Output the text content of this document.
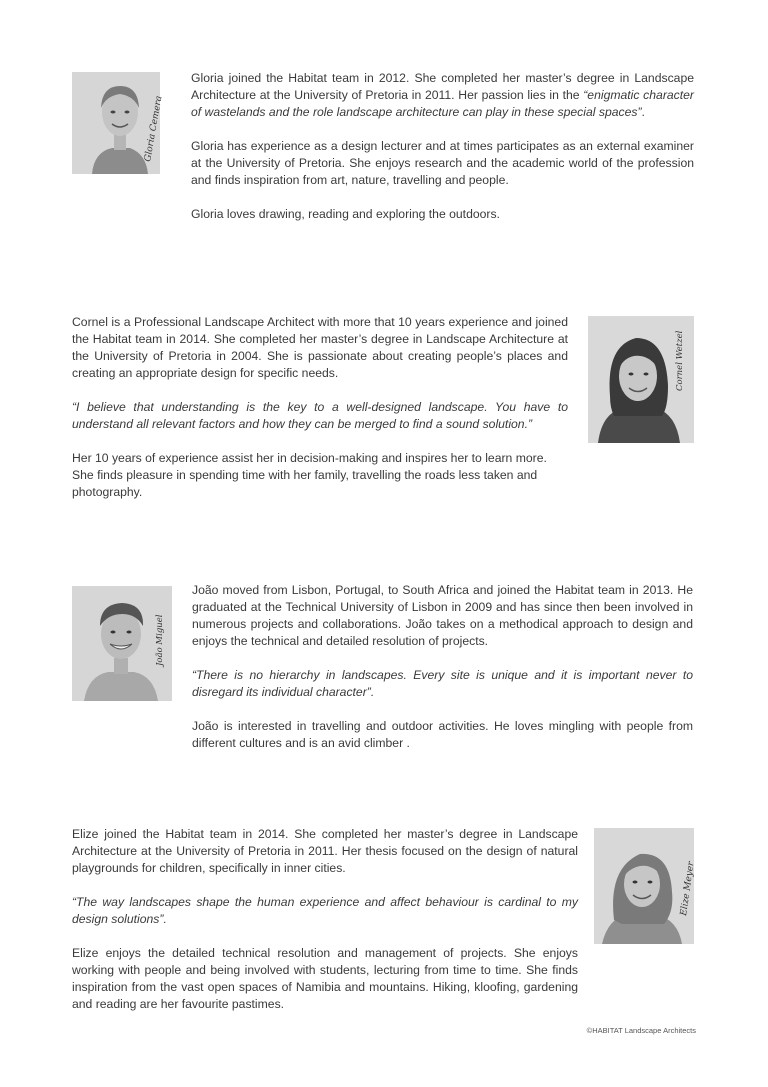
Gloria Cemera

Gloria joined the Habitat team in 2012. She completed her master’s degree in Landscape Architecture at the University of Pretoria in 2011. Her passion lies in the “enigmatic character of wastelands and the role landscape architecture can play in these special spaces”.

Gloria has experience as a design lecturer and at times participates as an external examiner at the University of Pretoria. She enjoys research and the academic world of the profession and finds inspiration from art, nature, travelling and people.

Gloria loves drawing, reading and exploring the outdoors.

Cornel is a Professional Landscape Architect with more that 10 years experience and joined the Habitat team in 2014. She completed her master’s degree in Landscape Architecture at the University of Pretoria in 2004. She is passionate about creating people’s places and creating an appropriate design for specific needs.

“I believe that understanding is the key to a well-designed landscape. You have to understand all relevant factors and how they can be merged to find a sound solution.”

Her 10 years of experience assist her in decision-making and inspires her to learn more. She finds pleasure in spending time with her family, travelling the roads less taken and photography.

Cornel Wetzel
João Miguel

João moved from Lisbon, Portugal, to South Africa and joined the Habitat team in 2013. He graduated at the Technical University of Lisbon in 2009 and has since then been involved in numerous projects and collaborations. João takes on a methodical approach to design and enjoys the technical and detailed resolution of projects.

“There is no hierarchy in landscapes. Every site is unique and it is important never to disregard its individual character”.

João is interested in travelling and outdoor activities. He loves mingling with people from different cultures and is an avid climber .

Elize joined the Habitat team in 2014. She completed her master’s degree in Landscape Architecture at the University of Pretoria in 2011. Her thesis focused on the design of natural playgrounds for children, specifically in inner cities.

“The way landscapes shape the human experience and affect behaviour is cardinal to my design solutions”.

Elize enjoys the detailed technical resolution and management of projects. She enjoys working with people and being involved with students, lecturing from time to time. She finds inspiration from the vast open spaces of Namibia and mountains. Hiking, kloofing, gardening and reading are her favourite pastimes.

Elize Meyer
©HABITAT Landscape Architects
